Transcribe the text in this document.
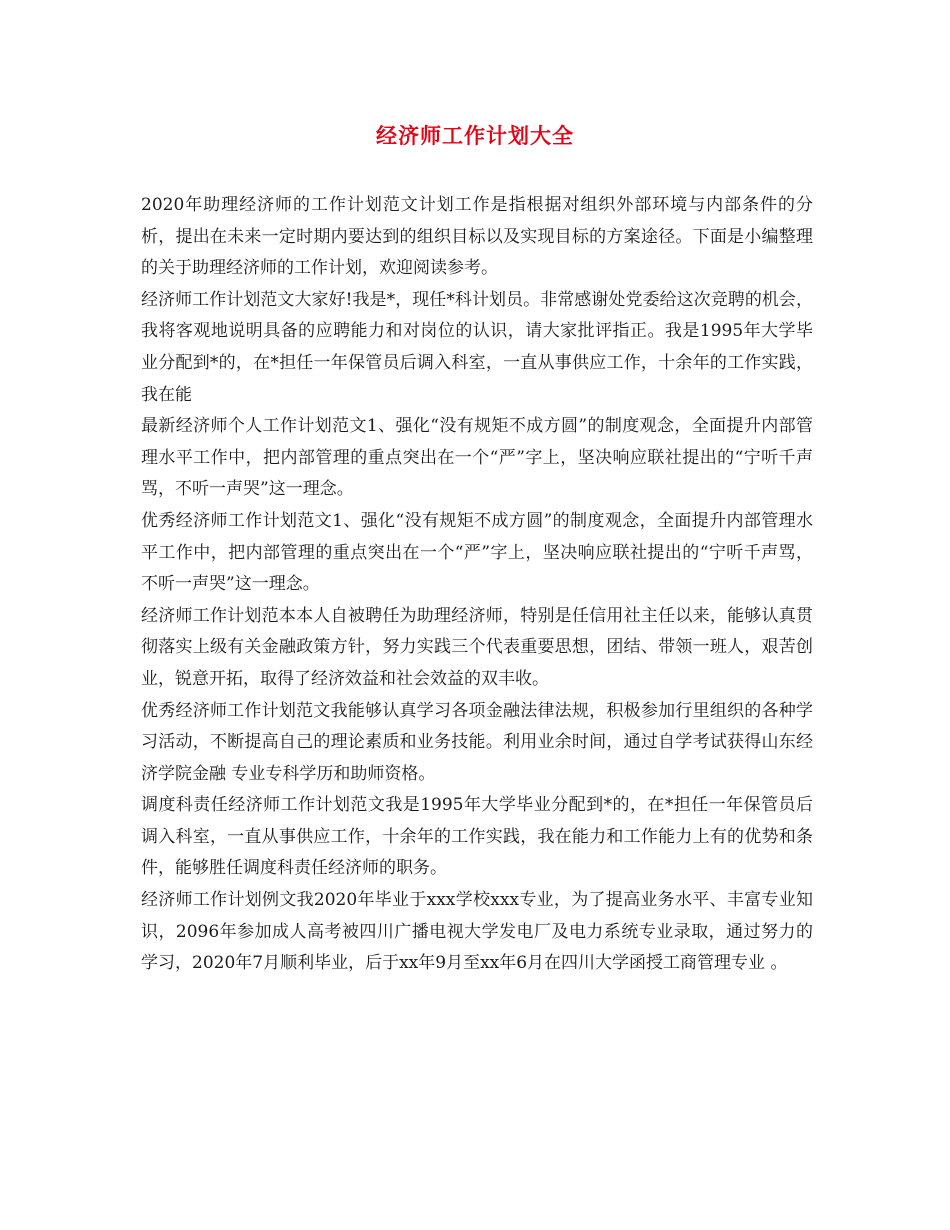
经济师工作计划大全

2020年助理经济师的工作计划范文计划工作是指根据对组织外部环境与内部条件的分析，提出在未来一定时期内要达到的组织目标以及实现目标的方案途径。下面是小编整理的关于助理经济师的工作计划，欢迎阅读参考。

经济师工作计划范文大家好!我是*，现任*科计划员。非常感谢处党委给这次竞聘的机会，我将客观地说明具备的应聘能力和对岗位的认识，请大家批评指正。我是1995年大学毕业分配到*的，在*担任一年保管员后调入科室，一直从事供应工作，十余年的工作实践，我在能

最新经济师个人工作计划范文1、强化“没有规矩不成方圆”的制度观念，全面提升内部管理水平工作中，把内部管理的重点突出在一个“严”字上，坚决响应联社提出的“宁听千声骂，不听一声哭”这一理念。

优秀经济师工作计划范文1、强化“没有规矩不成方圆”的制度观念，全面提升内部管理水平工作中，把内部管理的重点突出在一个“严”字上，坚决响应联社提出的“宁听千声骂，不听一声哭”这一理念。

经济师工作计划范本本人自被聘任为助理经济师，特别是任信用社主任以来，能够认真贯彻落实上级有关金融政策方针，努力实践三个代表重要思想，团结、带领一班人，艰苦创业，锐意开拓，取得了经济效益和社会效益的双丰收。

优秀经济师工作计划范文我能够认真学习各项金融法律法规，积极参加行里组织的各种学习活动，不断提高自己的理论素质和业务技能。利用业余时间，通过自学考试获得山东经济学院金融 专业专科学历和助师资格。

调度科责任经济师工作计划范文我是1995年大学毕业分配到*的，在*担任一年保管员后调入科室，一直从事供应工作，十余年的工作实践，我在能力和工作能力上有的优势和条件，能够胜任调度科责任经济师的职务。

经济师工作计划例文我2020年毕业于xxx学校xxx专业，为了提高业务水平、丰富专业知识，2096年参加成人高考被四川广播电视大学发电厂及电力系统专业录取，通过努力的学习，2020年7月顺利毕业，后于xx年9月至xx年6月在四川大学函授工商管理专业 。
